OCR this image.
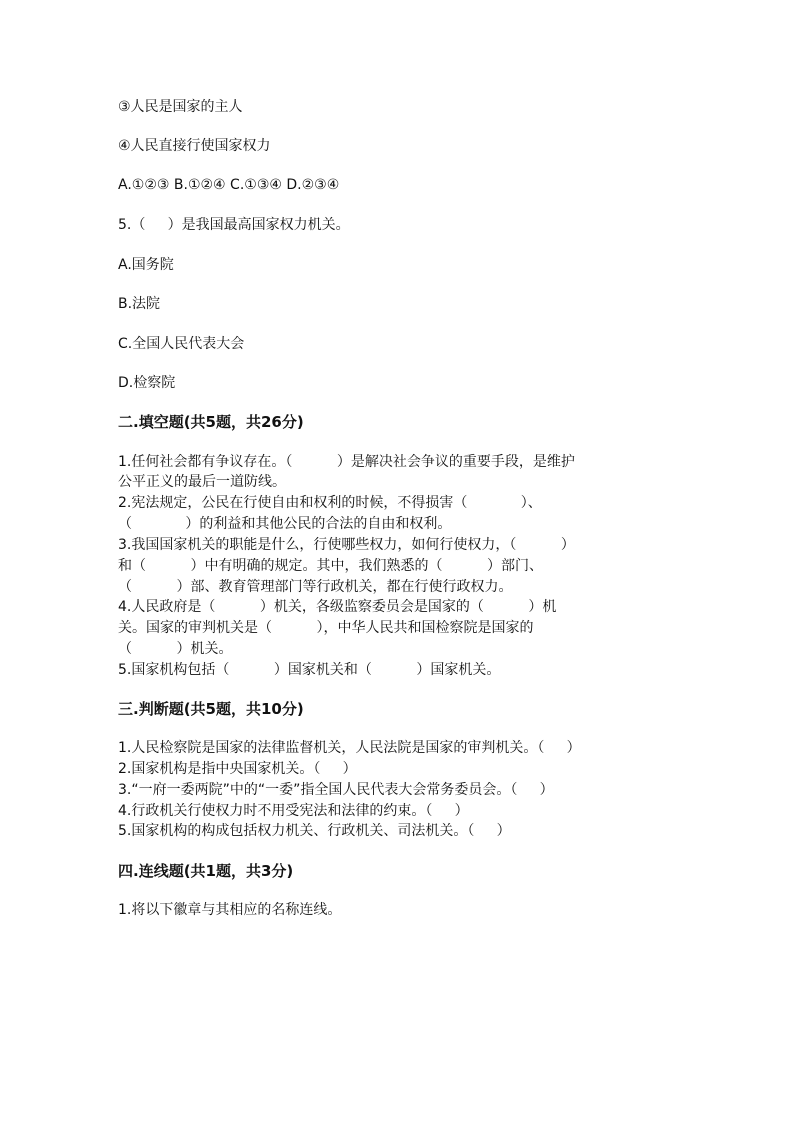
③人民是国家的主人

④人民直接行使国家权力

A.①②③ B.①②④ C.①③④ D.②③④

5.（     ）是我国最高国家权力机关。

A.国务院

B.法院

C.全国人民代表大会

D.检察院

二.填空题(共5题，共26分)

1.任何社会都有争议存在。（          ）是解决社会争议的重要手段，是维护

公平正义的最后一道防线。

2.宪法规定，公民在行使自由和权利的时候，不得损害（            ）、

（            ）的利益和其他公民的合法的自由和权利。

3.我国国家机关的职能是什么，行使哪些权力，如何行使权力，（          ）

和（          ）中有明确的规定。其中，我们熟悉的（          ）部门、

（          ）部、教育管理部门等行政机关，都在行使行政权力。

4.人民政府是（          ）机关，各级监察委员会是国家的（          ）机

关。国家的审判机关是（          ），中华人民共和国检察院是国家的

（          ）机关。

5.国家机构包括（          ）国家机关和（          ）国家机关。

三.判断题(共5题，共10分)

1.人民检察院是国家的法律监督机关，人民法院是国家的审判机关。（     ）

2.国家机构是指中央国家机关。（     ）

3.“一府一委两院”中的“一委”指全国人民代表大会常务委员会。（     ）

4.行政机关行使权力时不用受宪法和法律的约束。（     ）

5.国家机构的构成包括权力机关、行政机关、司法机关。（     ）

四.连线题(共1题，共3分)

1.将以下徽章与其相应的名称连线。
